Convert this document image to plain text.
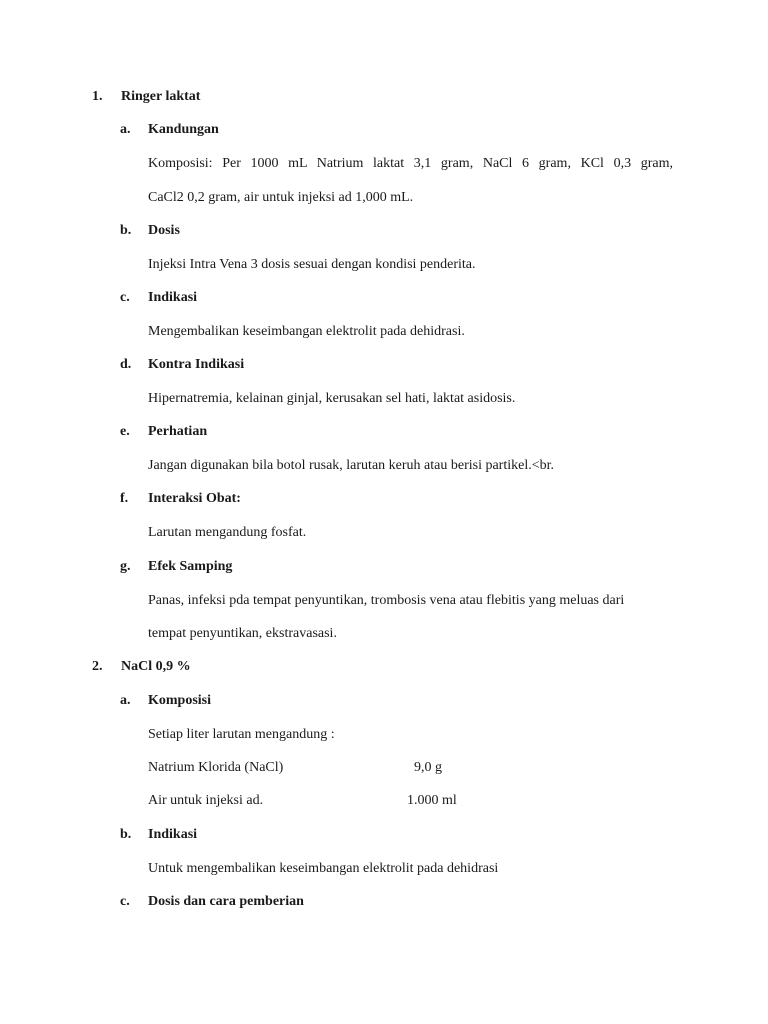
1. Ringer laktat
a. Kandungan
Komposisi: Per 1000 mL Natrium laktat 3,1 gram, NaCl 6 gram, KCl 0,3 gram,
CaCl2 0,2 gram, air untuk injeksi ad 1,000 mL.
b. Dosis
Injeksi Intra Vena 3 dosis sesuai dengan kondisi penderita.
c. Indikasi
Mengembalikan keseimbangan elektrolit pada dehidrasi.
d. Kontra Indikasi
Hipernatremia, kelainan ginjal, kerusakan sel hati, laktat asidosis.
e. Perhatian
Jangan digunakan bila botol rusak, larutan keruh atau berisi partikel.<br.
f. Interaksi Obat:
Larutan mengandung fosfat.
g. Efek Samping
Panas, infeksi pda tempat penyuntikan, trombosis vena atau flebitis yang meluas dari
tempat penyuntikan, ekstravasasi.
2. NaCl 0,9 %
a. Komposisi
Setiap liter larutan mengandung :
Natrium Klorida (NaCl)	9,0 g
Air untuk injeksi ad.	1.000 ml
b. Indikasi
Untuk mengembalikan keseimbangan elektrolit pada dehidrasi
c. Dosis dan cara pemberian
